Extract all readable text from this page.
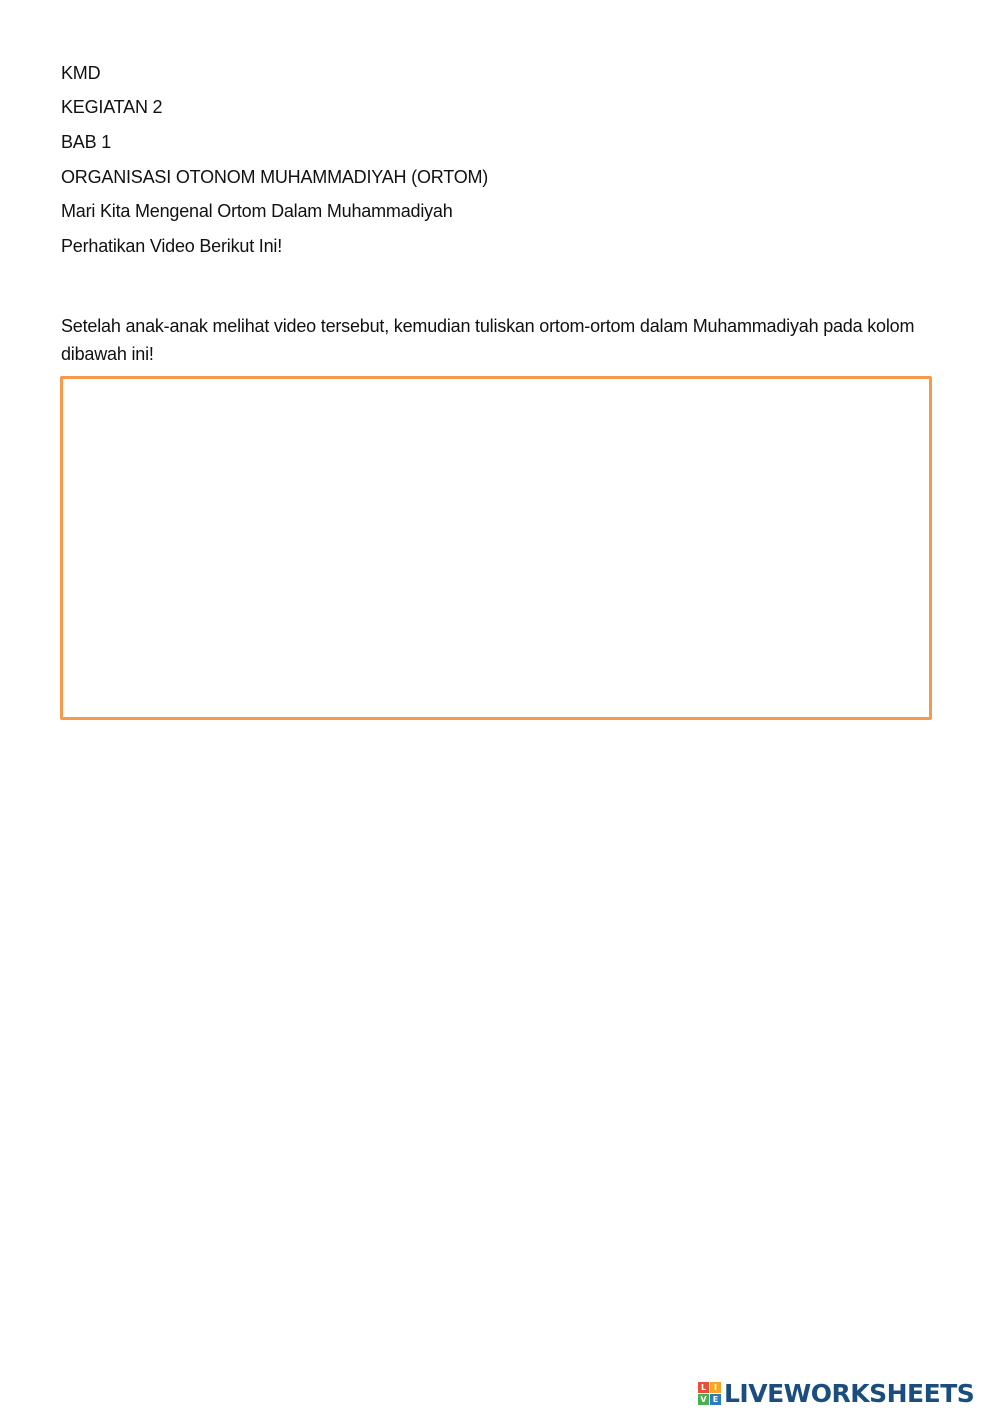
KMD
KEGIATAN 2
BAB 1
ORGANISASI OTONOM MUHAMMADIYAH (ORTOM)
Mari Kita Mengenal Ortom Dalam Muhammadiyah
Perhatikan Video Berikut Ini!
Setelah anak-anak melihat video tersebut, kemudian tuliskan ortom-ortom dalam Muhammadiyah pada kolom dibawah ini!
L I
V E LIVEWORKSHEETS
